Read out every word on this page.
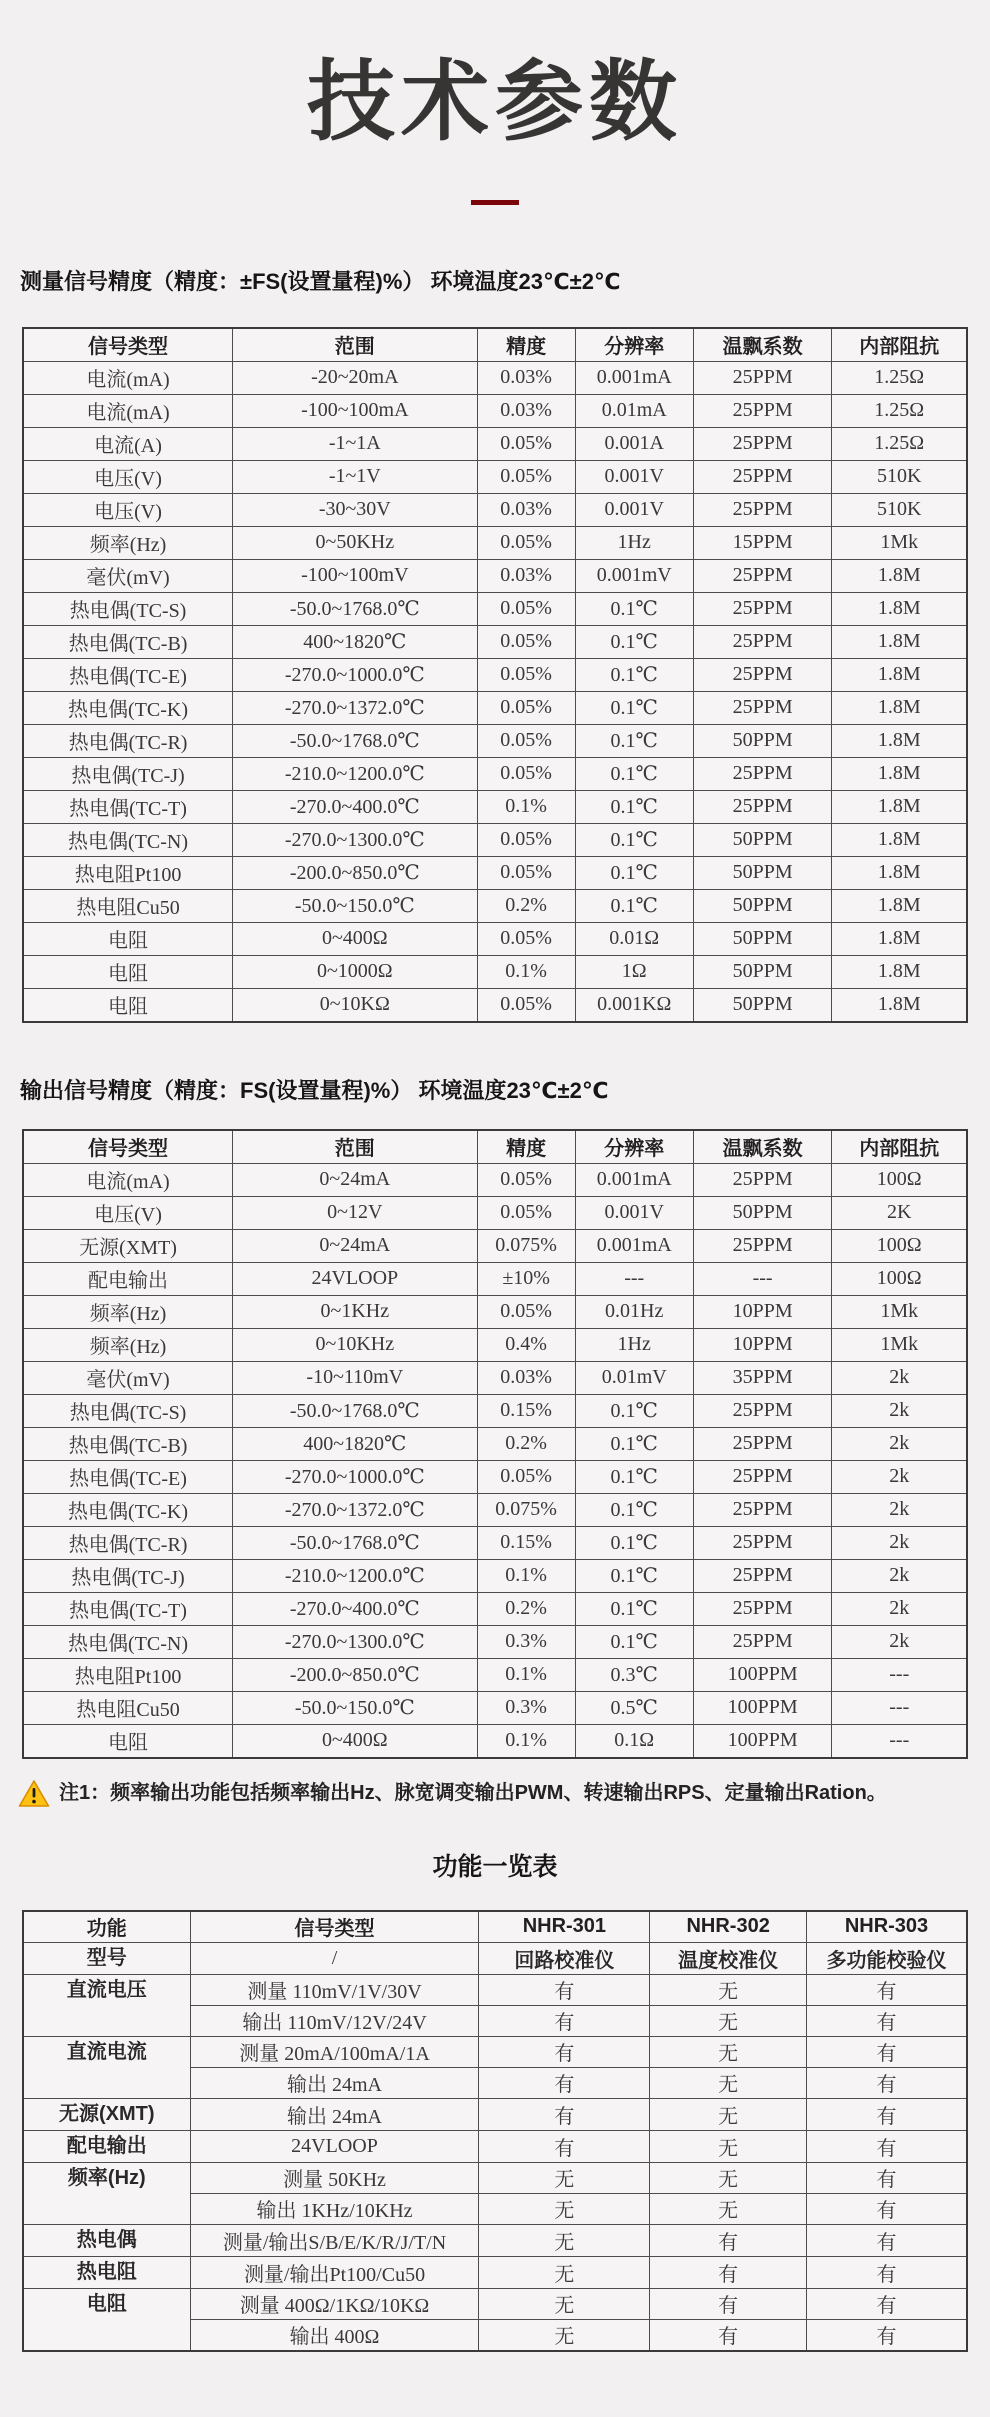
技术参数
测量信号精度（精度：±FS(设置量程)%） 环境温度23℃±2℃
信号类型	范围	精度	分辨率	温飘系数	内部阻抗
电流(mA)	-20~20mA	0.03%	0.001mA	25PPM	1.25Ω
电流(mA)	-100~100mA	0.03%	0.01mA	25PPM	1.25Ω
电流(A)	-1~1A	0.05%	0.001A	25PPM	1.25Ω
电压(V)	-1~1V	0.05%	0.001V	25PPM	510K
电压(V)	-30~30V	0.03%	0.001V	25PPM	510K
频率(Hz)	0~50KHz	0.05%	1Hz	15PPM	1Mk
毫伏(mV)	-100~100mV	0.03%	0.001mV	25PPM	1.8M
热电偶(TC-S)	-50.0~1768.0℃	0.05%	0.1℃	25PPM	1.8M
热电偶(TC-B)	400~1820℃	0.05%	0.1℃	25PPM	1.8M
热电偶(TC-E)	-270.0~1000.0℃	0.05%	0.1℃	25PPM	1.8M
热电偶(TC-K)	-270.0~1372.0℃	0.05%	0.1℃	25PPM	1.8M
热电偶(TC-R)	-50.0~1768.0℃	0.05%	0.1℃	50PPM	1.8M
热电偶(TC-J)	-210.0~1200.0℃	0.05%	0.1℃	25PPM	1.8M
热电偶(TC-T)	-270.0~400.0℃	0.1%	0.1℃	25PPM	1.8M
热电偶(TC-N)	-270.0~1300.0℃	0.05%	0.1℃	50PPM	1.8M
热电阻Pt100	-200.0~850.0℃	0.05%	0.1℃	50PPM	1.8M
热电阻Cu50	-50.0~150.0℃	0.2%	0.1℃	50PPM	1.8M
电阻	0~400Ω	0.05%	0.01Ω	50PPM	1.8M
电阻	0~1000Ω	0.1%	1Ω	50PPM	1.8M
电阻	0~10KΩ	0.05%	0.001KΩ	50PPM	1.8M
输出信号精度（精度：FS(设置量程)%） 环境温度23℃±2℃
信号类型	范围	精度	分辨率	温飘系数	内部阻抗
电流(mA)	0~24mA	0.05%	0.001mA	25PPM	100Ω
电压(V)	0~12V	0.05%	0.001V	50PPM	2K
无源(XMT)	0~24mA	0.075%	0.001mA	25PPM	100Ω
配电输出	24VLOOP	±10%	---	---	100Ω
频率(Hz)	0~1KHz	0.05%	0.01Hz	10PPM	1Mk
频率(Hz)	0~10KHz	0.4%	1Hz	10PPM	1Mk
毫伏(mV)	-10~110mV	0.03%	0.01mV	35PPM	2k
热电偶(TC-S)	-50.0~1768.0℃	0.15%	0.1℃	25PPM	2k
热电偶(TC-B)	400~1820℃	0.2%	0.1℃	25PPM	2k
热电偶(TC-E)	-270.0~1000.0℃	0.05%	0.1℃	25PPM	2k
热电偶(TC-K)	-270.0~1372.0℃	0.075%	0.1℃	25PPM	2k
热电偶(TC-R)	-50.0~1768.0℃	0.15%	0.1℃	25PPM	2k
热电偶(TC-J)	-210.0~1200.0℃	0.1%	0.1℃	25PPM	2k
热电偶(TC-T)	-270.0~400.0℃	0.2%	0.1℃	25PPM	2k
热电偶(TC-N)	-270.0~1300.0℃	0.3%	0.1℃	25PPM	2k
热电阻Pt100	-200.0~850.0℃	0.1%	0.3℃	100PPM	---
热电阻Cu50	-50.0~150.0℃	0.3%	0.5℃	100PPM	---
电阻	0~400Ω	0.1%	0.1Ω	100PPM	---
注1：频率输出功能包括频率输出Hz、脉宽调变输出PWM、转速输出RPS、定量输出Ration。
功能一览表
功能	信号类型	NHR-301	NHR-302	NHR-303
型号	/	回路校准仪	温度校准仪	多功能校验仪
直流电压	测量 110mV/1V/30V	有	无	有
	输出 110mV/12V/24V	有	无	有
直流电流	测量 20mA/100mA/1A	有	无	有
	输出 24mA	有	无	有
无源(XMT)	输出 24mA	有	无	有
配电输出	24VLOOP	有	无	有
频率(Hz)	测量 50KHz	无	无	有
	输出 1KHz/10KHz	无	无	有
热电偶	测量/输出S/B/E/K/R/J/T/N	无	有	有
热电阻	测量/输出Pt100/Cu50	无	有	有
电阻	测量 400Ω/1KΩ/10KΩ	无	有	有
	输出 400Ω	无	有	有
